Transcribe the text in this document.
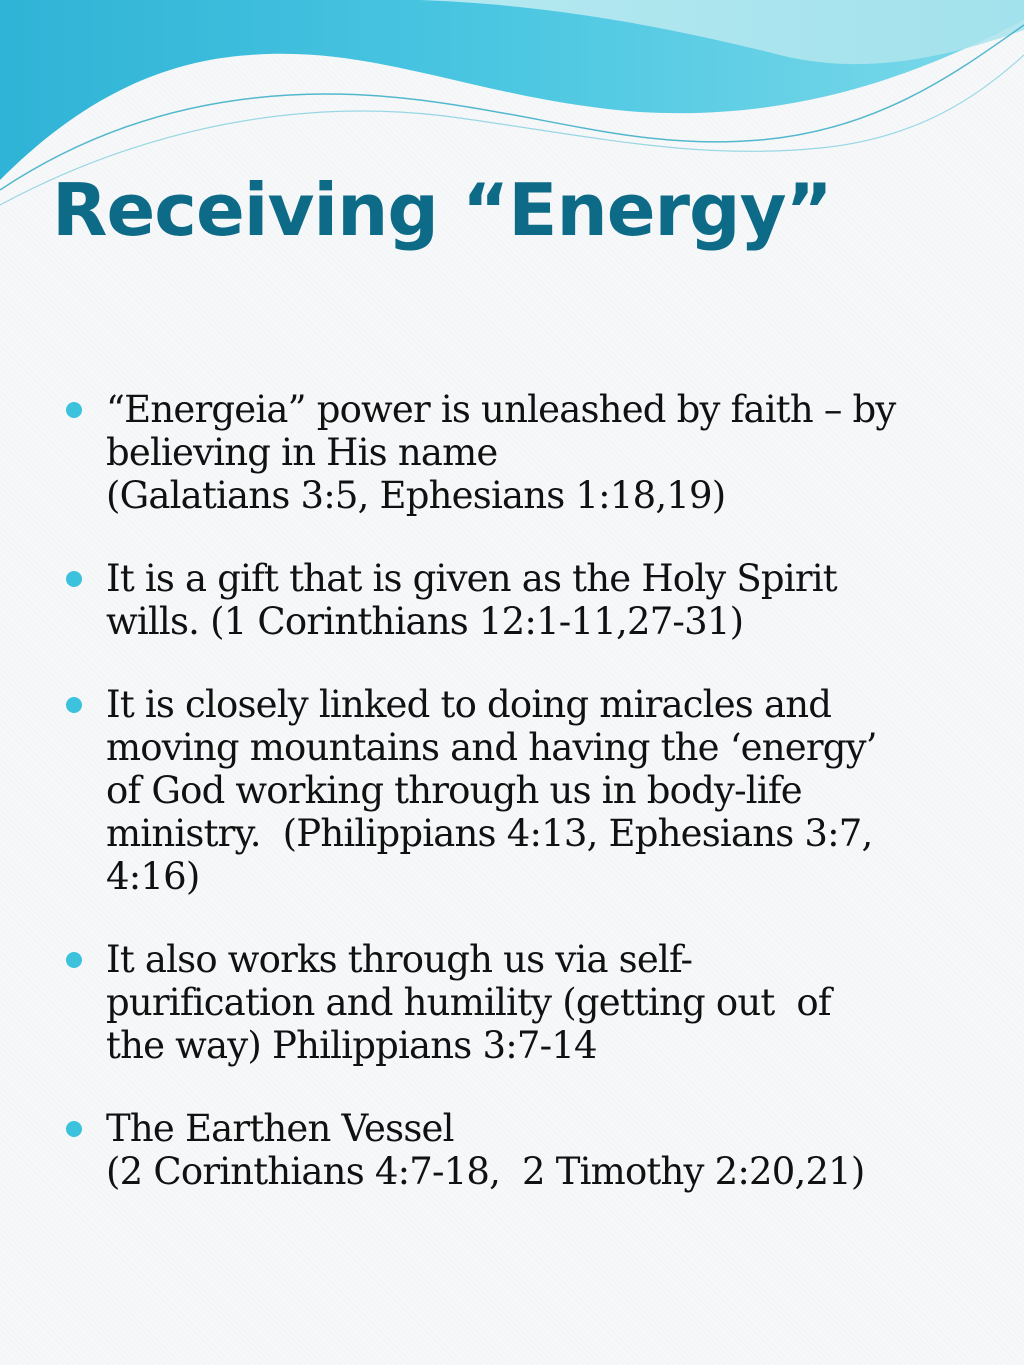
Receiving “Energy”
“Energeia” power is unleashed by faith – by
believing in His name
(Galatians 3:5, Ephesians 1:18,19)
It is a gift that is given as the Holy Spirit
wills. (1 Corinthians 12:1-11,27-31)
It is closely linked to doing miracles and
moving mountains and having the ‘energy’
of God working through us in body-life
ministry.  (Philippians 4:13, Ephesians 3:7,
4:16)
It also works through us via self-
purification and humility (getting out  of
the way) Philippians 3:7-14
The Earthen Vessel
(2 Corinthians 4:7-18,  2 Timothy 2:20,21)
